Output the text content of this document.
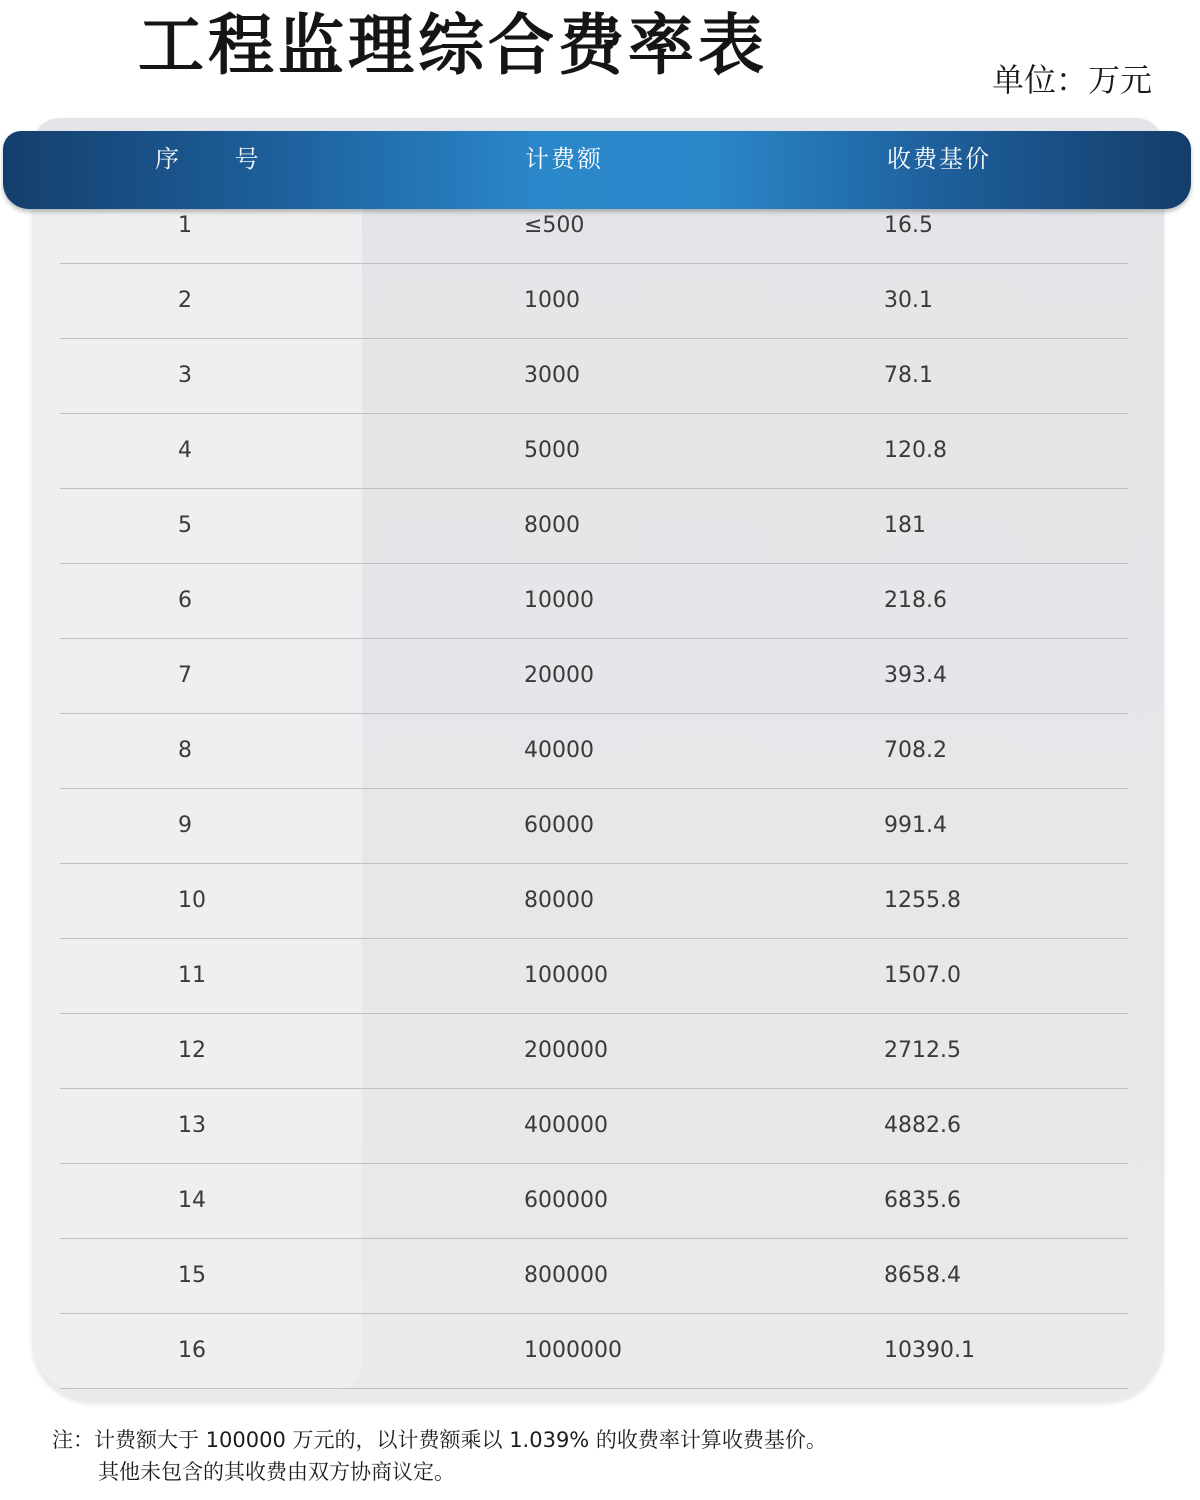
工程监理综合费率表	单位：万元
序 号	计费额	收费基价
1	≤500	16.5
2	1000	30.1
3	3000	78.1
4	5000	120.8
5	8000	181
6	10000	218.6
7	20000	393.4
8	40000	708.2
9	60000	991.4
10	80000	1255.8
11	100000	1507.0
12	200000	2712.5
13	400000	4882.6
14	600000	6835.6
15	800000	8658.4
16	1000000	10390.1
注：计费额大于 100000 万元的，以计费额乘以 1.039% 的收费率计算收费基价。
其他未包含的其收费由双方协商议定。
